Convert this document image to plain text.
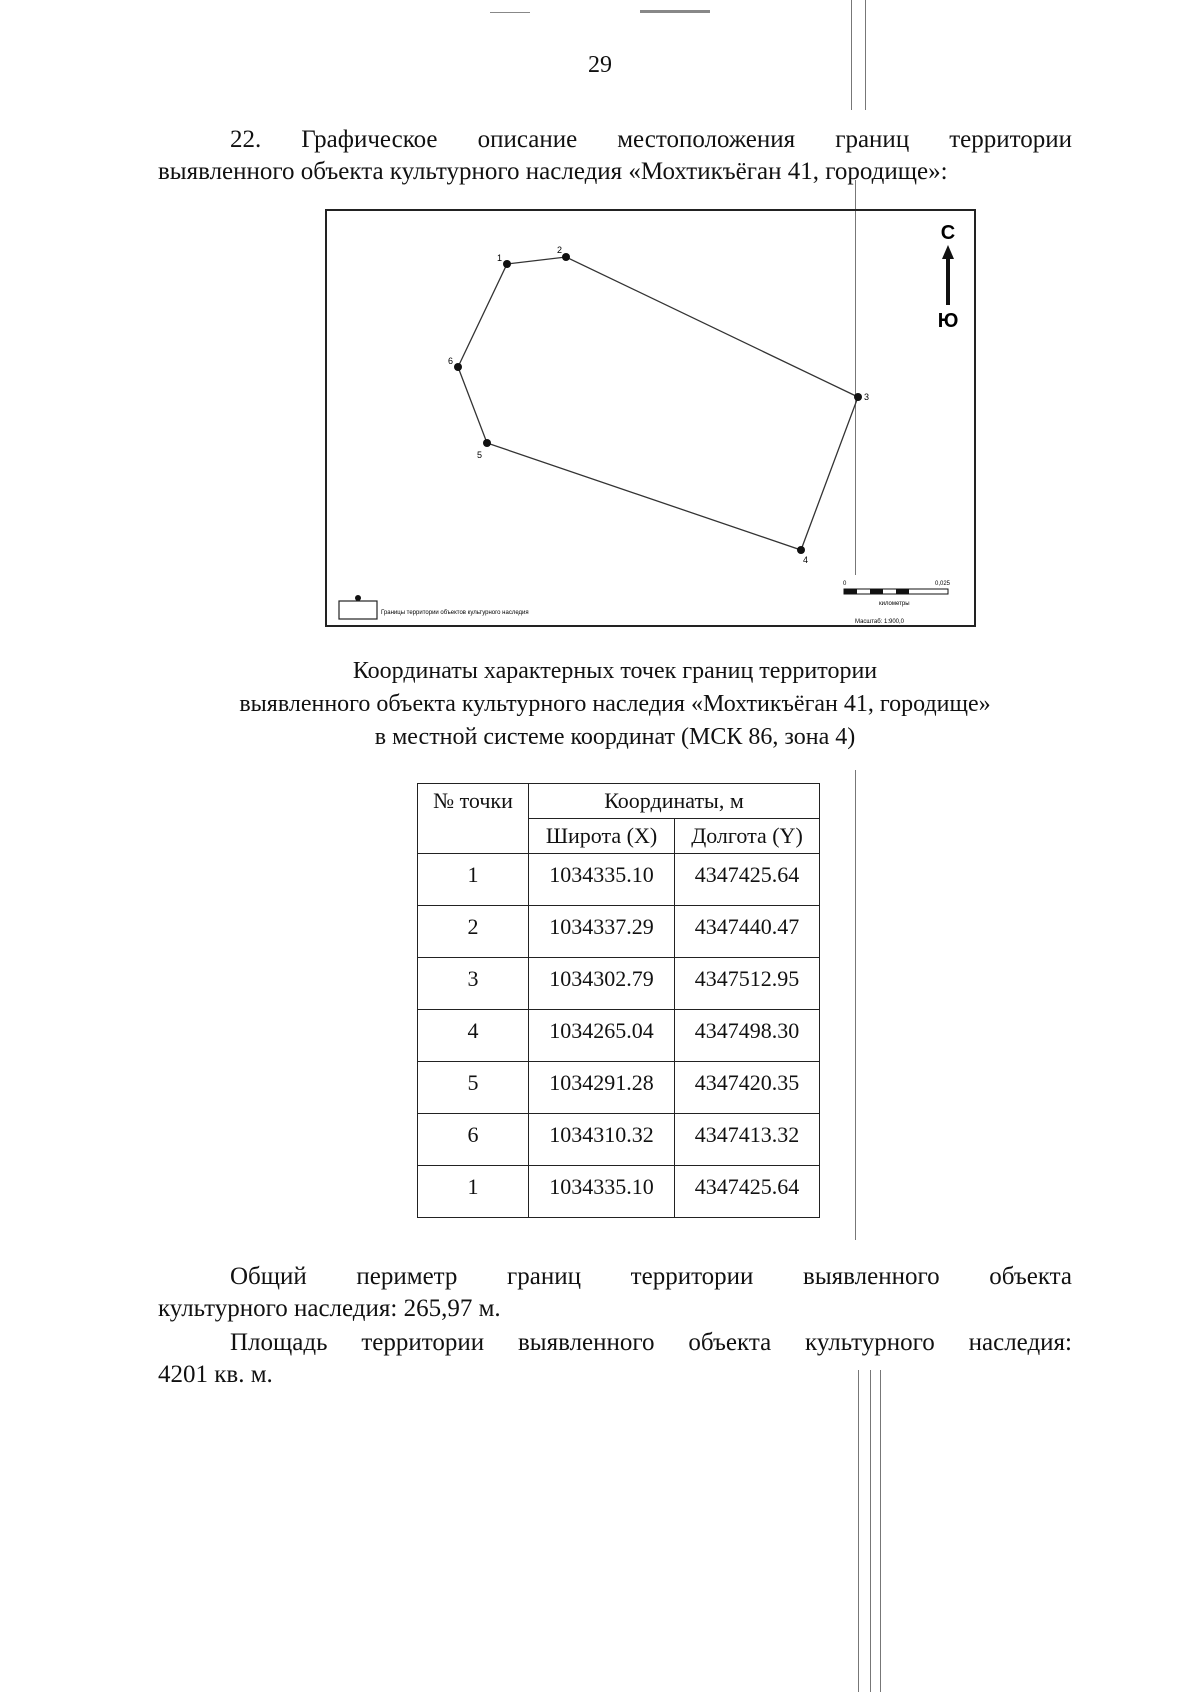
29
22. Графическое описание местоположения границ территории
выявленного объекта культурного наследия «Мохтикъёган 41, городище»:
1
2
3
4
5
6
С
Ю
Границы территории объектов культурного наследия
0	0,025
километры
Масштаб: 1:900,0
Координаты характерных точек границ территории
выявленного объекта культурного наследия «Мохтикъёган 41, городище»
в местной системе координат (МСК 86, зона 4)
№ точки	Координаты, м	
	Широта (X)	Долгота (Y)
1	1034335.10	4347425.64
2	1034337.29	4347440.47
3	1034302.79	4347512.95
4	1034265.04	4347498.30
5	1034291.28	4347420.35
6	1034310.32	4347413.32
1	1034335.10	4347425.64
Общий периметр границ территории выявленного объекта
культурного наследия: 265,97 м.
Площадь территории выявленного объекта культурного наследия:
4201 кв. м.
